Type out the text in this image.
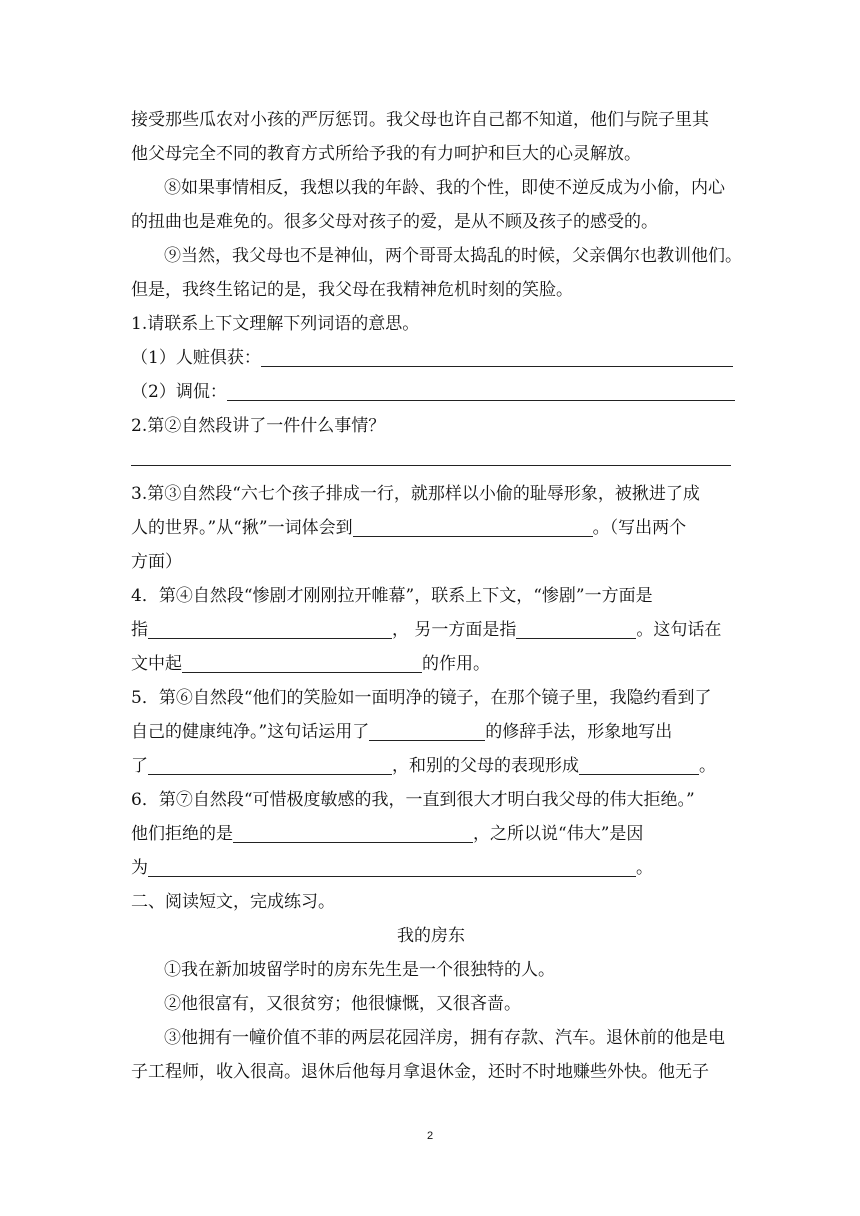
接受那些瓜农对小孩的严厉惩罚。我父母也许自己都不知道，他们与院子里其
他父母完全不同的教育方式所给予我的有力呵护和巨大的心灵解放。
⑧如果事情相反，我想以我的年龄、我的个性，即使不逆反成为小偷，内心
的扭曲也是难免的。很多父母对孩子的爱，是从不顾及孩子的感受的。
⑨当然，我父母也不是神仙，两个哥哥太捣乱的时候，父亲偶尔也教训他们。
但是，我终生铭记的是，我父母在我精神危机时刻的笑脸。
1.请联系上下文理解下列词语的意思。
（1）人赃俱获：
（2）调侃：
2.第②自然段讲了一件什么事情？
3.第③自然段“六七个孩子排成一行，就那样以小偷的耻辱形象，被揪进了成
人的世界。”从“揪”一词体会到	。（写出两个
方面）
4．第④自然段“惨剧才刚刚拉开帷幕”，联系上下文，“惨剧”一方面是
指	， 另一方面是指	。这句话在
文中起	的作用。
5．第⑥自然段“他们的笑脸如一面明净的镜子，在那个镜子里，我隐约看到了
自己的健康纯净。”这句话运用了	的修辞手法，形象地写出
了	，和别的父母的表现形成	。
6．第⑦自然段“可惜极度敏感的我，一直到很大才明白我父母的伟大拒绝。”
他们拒绝的是	，之所以说“伟大”是因
为	。
二、阅读短文，完成练习。
我的房东
①我在新加坡留学时的房东先生是一个很独特的人。
②他很富有，又很贫穷；他很慷慨，又很吝啬。
③他拥有一幢价值不菲的两层花园洋房，拥有存款、汽车。退休前的他是电
子工程师，收入很高。退休后他每月拿退休金，还时不时地赚些外快。他无子
2
